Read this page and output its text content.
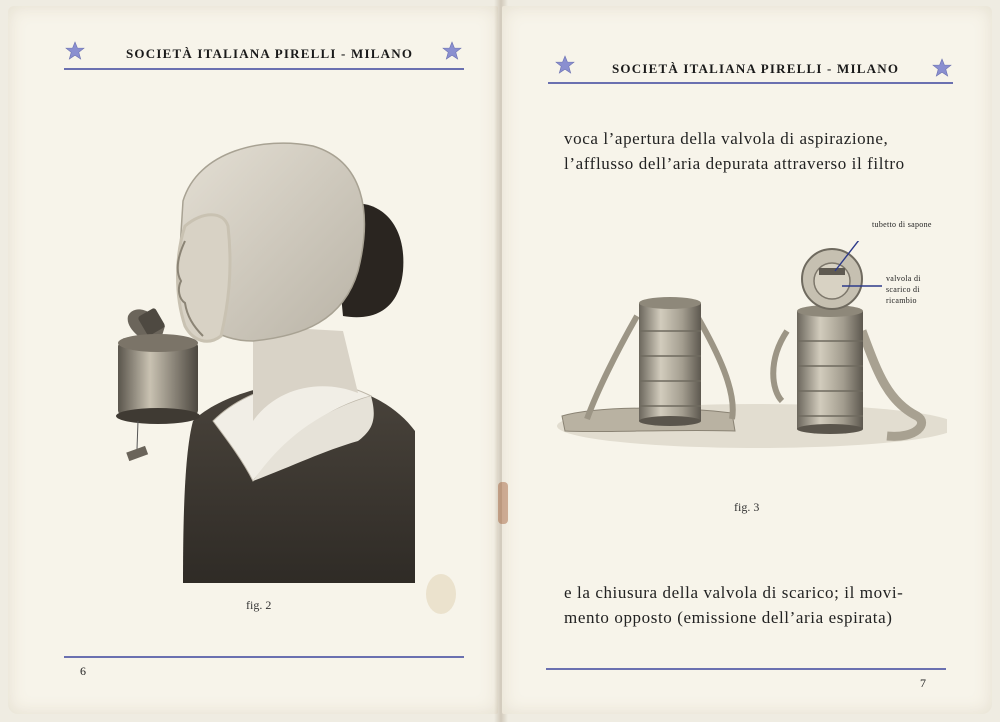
SOCIETÀ ITALIANA PIRELLI - MILANO
fig. 2
6
SOCIETÀ ITALIANA PIRELLI - MILANO
voca l’apertura della valvola di aspirazione,
l’afflusso dell’aria depurata attraverso il filtro
tubetto di sapone
valvola di
scarico di
ricambio
fig. 3
e la chiusura della valvola di scarico; il movi-
mento opposto (emissione dell’aria espirata)
7
